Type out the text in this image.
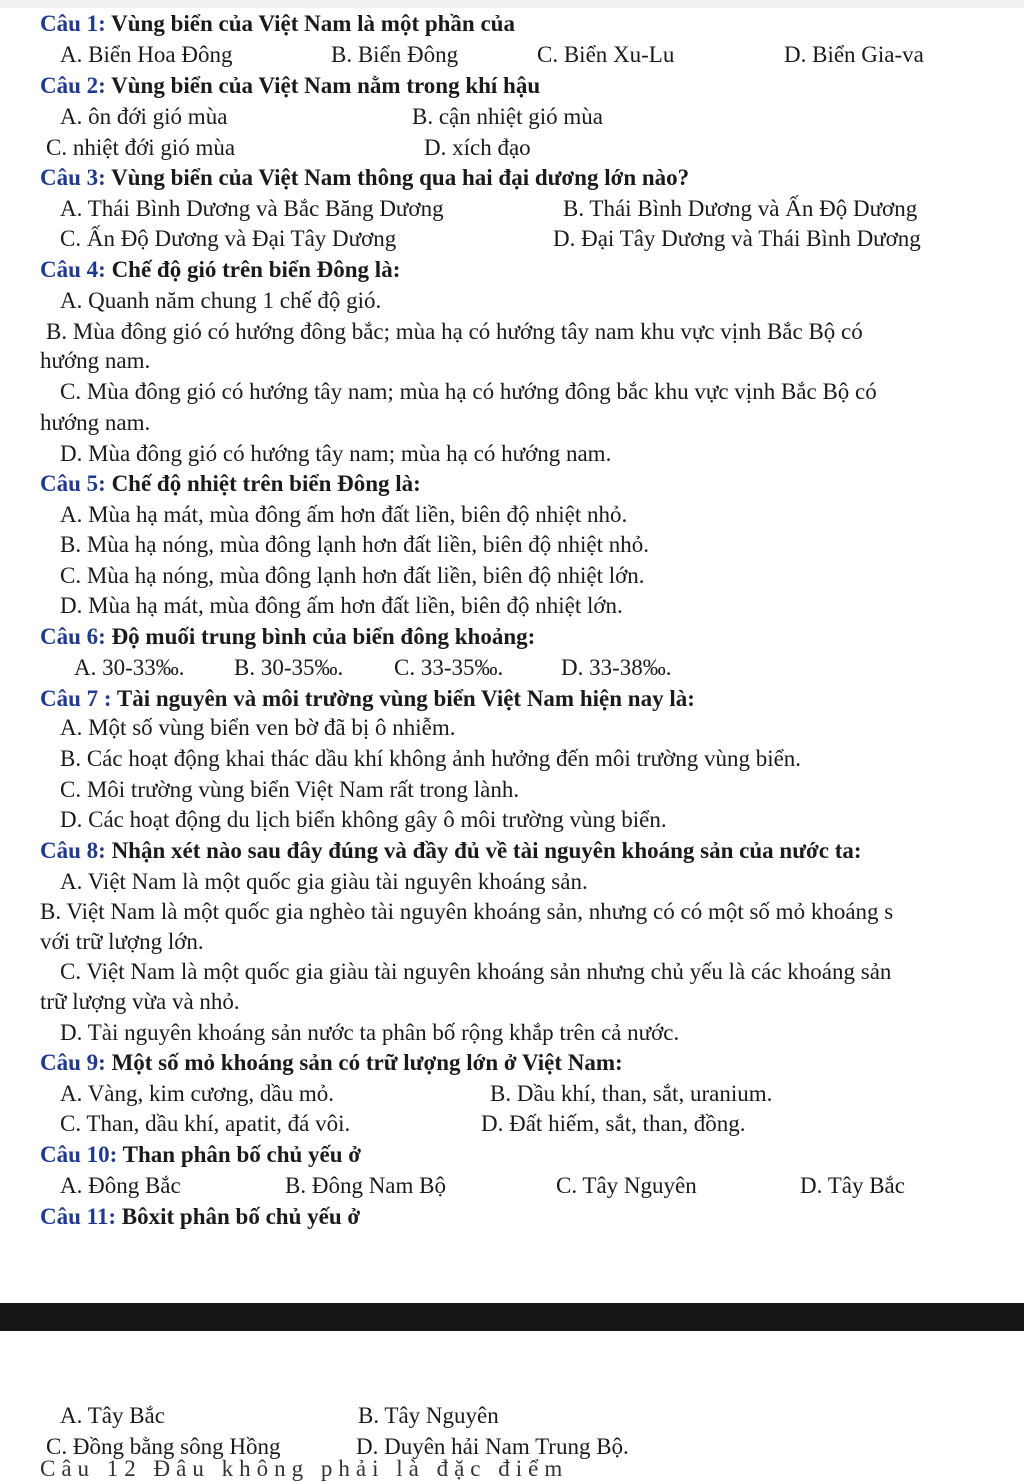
Câu 1: Vùng biển của Việt Nam là một phần của
A. Biển Hoa Đông	B. Biển Đông	C. Biển Xu-Lu	D. Biển Gia-va
Câu 2: Vùng biển của Việt Nam nằm trong khí hậu
A. ôn đới gió mùa	B. cận nhiệt gió mùa
C. nhiệt đới gió mùa	D. xích đạo
Câu 3: Vùng biển của Việt Nam thông qua hai đại dương lớn nào?
A. Thái Bình Dương và Bắc Băng Dương	B. Thái Bình Dương và Ấn Độ Dương
C. Ấn Độ Dương và Đại Tây Dương	D. Đại Tây Dương và Thái Bình Dương
Câu 4: Chế độ gió trên biển Đông là:
A. Quanh năm chung 1 chế độ gió.
B. Mùa đông gió có hướng đông bắc; mùa hạ có hướng tây nam khu vực vịnh Bắc Bộ có
hướng nam.
C. Mùa đông gió có hướng tây nam; mùa hạ có hướng đông bắc khu vực vịnh Bắc Bộ có
hướng nam.
D. Mùa đông gió có hướng tây nam; mùa hạ có hướng nam.
Câu 5: Chế độ nhiệt trên biển Đông là:
A. Mùa hạ mát, mùa đông ấm hơn đất liền, biên độ nhiệt nhỏ.
B. Mùa hạ nóng, mùa đông lạnh hơn đất liền, biên độ nhiệt nhỏ.
C. Mùa hạ nóng, mùa đông lạnh hơn đất liền, biên độ nhiệt lớn.
D. Mùa hạ mát, mùa đông ấm hơn đất liền, biên độ nhiệt lớn.
Câu 6: Độ muối trung bình của biển đông khoảng:
A. 30-33‰. B. 30-35‰. C. 33-35‰.	D. 33-38‰.
Câu 7 : Tài nguyên và môi trường vùng biển Việt Nam hiện nay là:
A. Một số vùng biển ven bờ đã bị ô nhiễm.
B. Các hoạt động khai thác dầu khí không ảnh hưởng đến môi trường vùng biển.
C. Môi trường vùng biển Việt Nam rất trong lành.
D. Các hoạt động du lịch biển không gây ô môi trường vùng biển.
Câu 8: Nhận xét nào sau đây đúng và đầy đủ về tài nguyên khoáng sản của nước ta:
A. Việt Nam là một quốc gia giàu tài nguyên khoáng sản.
B. Việt Nam là một quốc gia nghèo tài nguyên khoáng sản, nhưng có có một số mỏ khoáng s
với trữ lượng lớn.
C. Việt Nam là một quốc gia giàu tài nguyên khoáng sản nhưng chủ yếu là các khoáng sản
trữ lượng vừa và nhỏ.
D. Tài nguyên khoáng sản nước ta phân bố rộng khắp trên cả nước.
Câu 9: Một số mỏ khoáng sản có trữ lượng lớn ở Việt Nam:
A. Vàng, kim cương, dầu mỏ.	B. Dầu khí, than, sắt, uranium.
C. Than, dầu khí, apatit, đá vôi.	D. Đất hiếm, sắt, than, đồng.
Câu 10: Than phân bố chủ yếu ở
A. Đông Bắc	B. Đông Nam Bộ	C. Tây Nguyên	D. Tây Bắc
Câu 11: Bôxit phân bố chủ yếu ở
A. Tây Bắc	B. Tây Nguyên
C. Đồng bằng sông Hồng	D. Duyên hải Nam Trung Bộ.
Câu 12 Đâu không phải là đặc điểm
